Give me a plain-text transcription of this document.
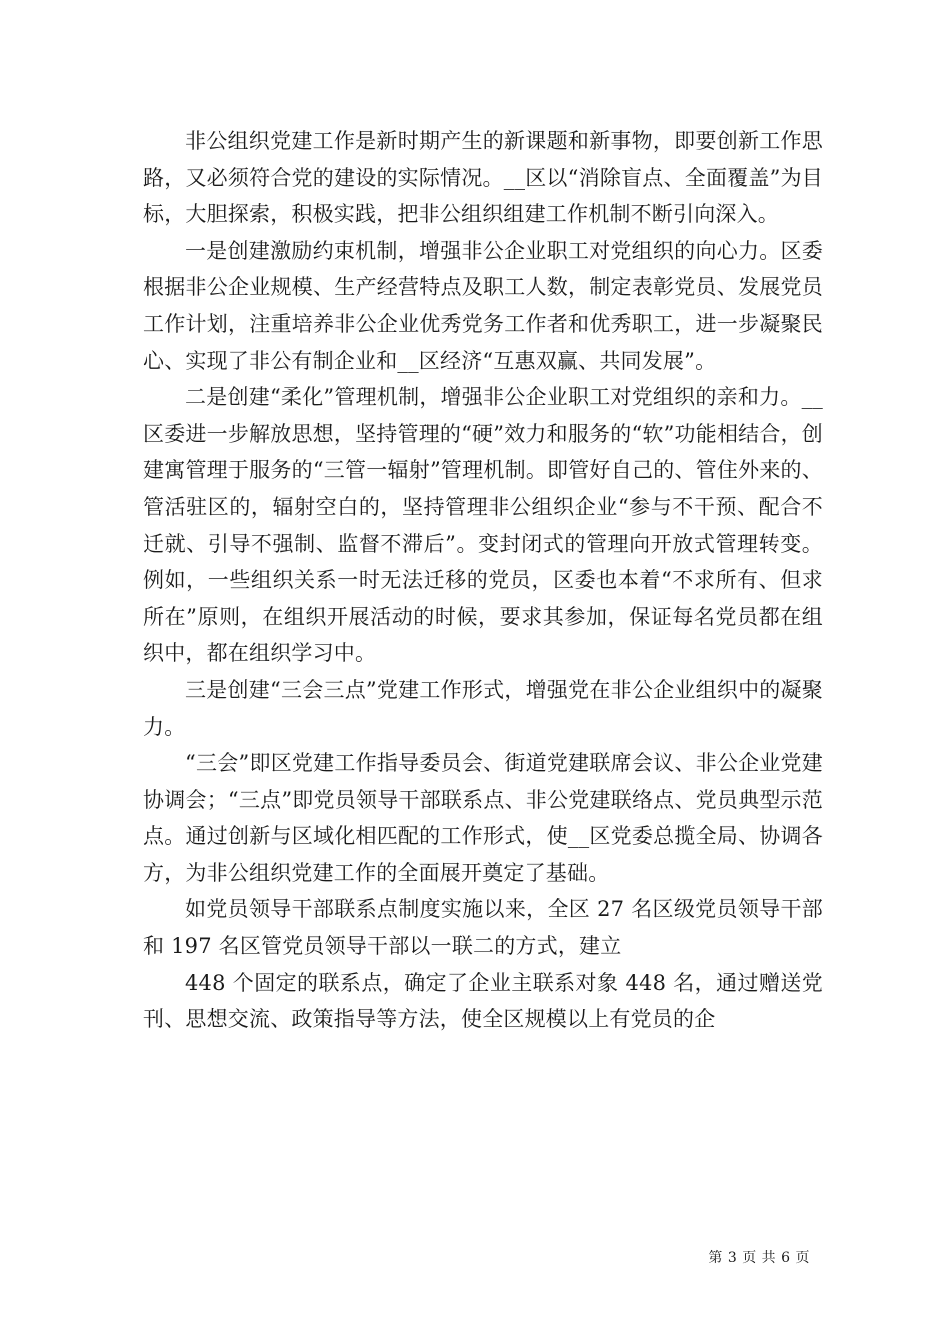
非公组织党建工作是新时期产生的新课题和新事物，即要创新工作思路，又必须符合党的建设的实际情况。__区以“消除盲点、全面覆盖”为目标，大胆探索，积极实践，把非公组织组建工作机制不断引向深入。

一是创建激励约束机制，增强非公企业职工对党组织的向心力。区委根据非公企业规模、生产经营特点及职工人数，制定表彰党员、发展党员工作计划，注重培养非公企业优秀党务工作者和优秀职工，进一步凝聚民心、实现了非公有制企业和__区经济“互惠双赢、共同发展”。

二是创建“柔化”管理机制，增强非公企业职工对党组织的亲和力。__区委进一步解放思想，坚持管理的“硬”效力和服务的“软”功能相结合，创建寓管理于服务的“三管一辐射”管理机制。即管好自己的、管住外来的、管活驻区的，辐射空白的，坚持管理非公组织企业“参与不干预、配合不迁就、引导不强制、监督不滞后”。变封闭式的管理向开放式管理转变。例如，一些组织关系一时无法迁移的党员，区委也本着“不求所有、但求所在”原则，在组织开展活动的时候，要求其参加，保证每名党员都在组织中，都在组织学习中。

三是创建“三会三点”党建工作形式，增强党在非公企业组织中的凝聚力。

“三会”即区党建工作指导委员会、街道党建联席会议、非公企业党建协调会；“三点”即党员领导干部联系点、非公党建联络点、党员典型示范点。通过创新与区域化相匹配的工作形式，使__区党委总揽全局、协调各方，为非公组织党建工作的全面展开奠定了基础。

如党员领导干部联系点制度实施以来，全区 27 名区级党员领导干部和 197 名区管党员领导干部以一联二的方式，建立

448 个固定的联系点，确定了企业主联系对象 448 名，通过赠送党刊、思想交流、政策指导等方法，使全区规模以上有党员的企

第 3 页 共 6 页
